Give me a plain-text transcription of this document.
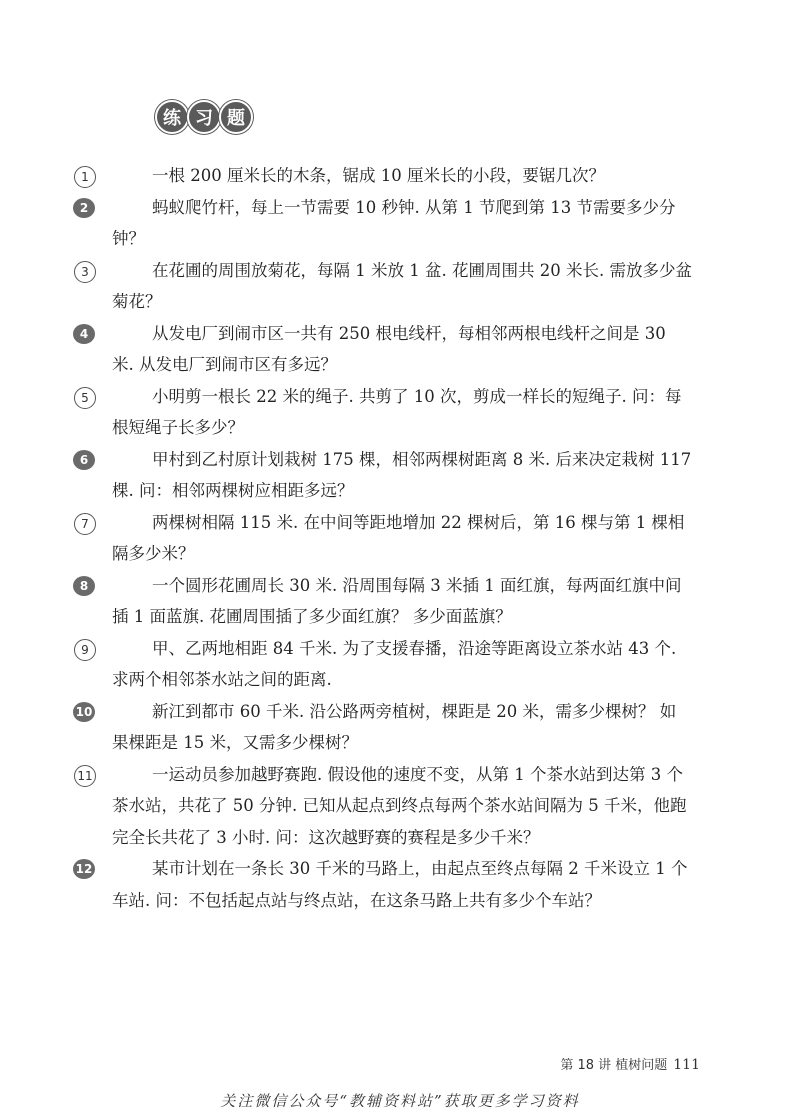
练 习 题

1	一根 200 厘米长的木条，锯成 10 厘米长的小段，要锯几次？

2	蚂蚁爬竹杆，每上一节需要 10 秒钟. 从第 1 节爬到第 13 节需要多少分钟？

3	在花圃的周围放菊花，每隔 1 米放 1 盆. 花圃周围共 20 米长. 需放多少盆菊花？

4	从发电厂到闹市区一共有 250 根电线杆，每相邻两根电线杆之间是 30 米. 从发电厂到闹市区有多远？

5	小明剪一根长 22 米的绳子. 共剪了 10 次，剪成一样长的短绳子. 问：每根短绳子长多少？

6	甲村到乙村原计划栽树 175 棵，相邻两棵树距离 8 米. 后来决定栽树 117 棵. 问：相邻两棵树应相距多远？

7	两棵树相隔 115 米. 在中间等距地增加 22 棵树后，第 16 棵与第 1 棵相隔多少米？

8	一个圆形花圃周长 30 米. 沿周围每隔 3 米插 1 面红旗，每两面红旗中间插 1 面蓝旗. 花圃周围插了多少面红旗？ 多少面蓝旗？

9	甲、乙两地相距 84 千米. 为了支援春播，沿途等距离设立茶水站 43 个. 求两个相邻茶水站之间的距离.

10	新江到都市 60 千米. 沿公路两旁植树，棵距是 20 米，需多少棵树？ 如果棵距是 15 米，又需多少棵树？

11	一运动员参加越野赛跑. 假设他的速度不变，从第 1 个茶水站到达第 3 个茶水站，共花了 50 分钟. 已知从起点到终点每两个茶水站间隔为 5 千米，他跑完全长共花了 3 小时. 问：这次越野赛的赛程是多少千米？

12	某市计划在一条长 30 千米的马路上，由起点至终点每隔 2 千米设立 1 个车站. 问：不包括起点站与终点站，在这条马路上共有多少个车站？

第 18 讲 植树问题 111
关注微信公众号“教辅资料站”获取更多学习资料
